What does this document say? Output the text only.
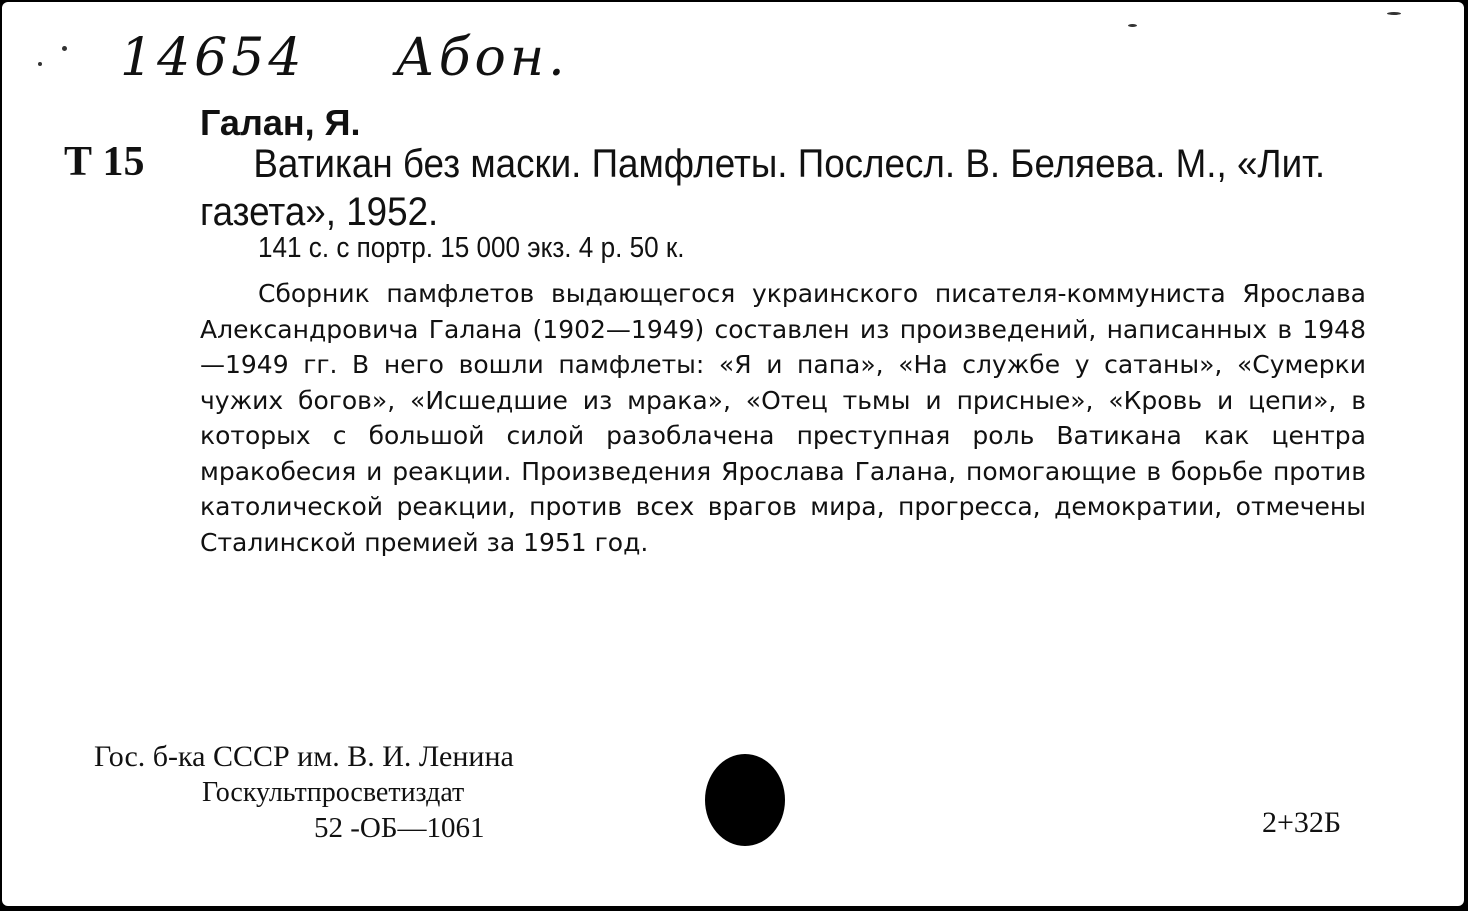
14654 Абон.
Т 15
Галан, Я.
Ватикан без маски. Памфлеты. Послесл. В. Беляева. М., «Лит. газета», 1952.
141 с. с портр. 15 000 экз. 4 р. 50 к.
Сборник памфлетов выдающегося украинского писателя-коммуниста Ярослава Александровича Галана (1902—1949) составлен из произведений, написанных в 1948—1949 гг. В него вошли памфлеты: «Я и папа», «На службе у сатаны», «Сумерки чужих богов», «Исшедшие из мрака», «Отец тьмы и присные», «Кровь и цепи», в которых с большой силой разоблачена преступная роль Ватикана как центра мракобесия и реакции. Произведения Ярослава Галана, помогающие в борьбе против католической реакции, против всех врагов мира, прогресса, демократии, отмечены Сталинской премией за 1951 год.
Гос. б-ка СССР им. В. И. Ленина
Госкультпросветиздат
52 -ОБ—1061	2+32Б
